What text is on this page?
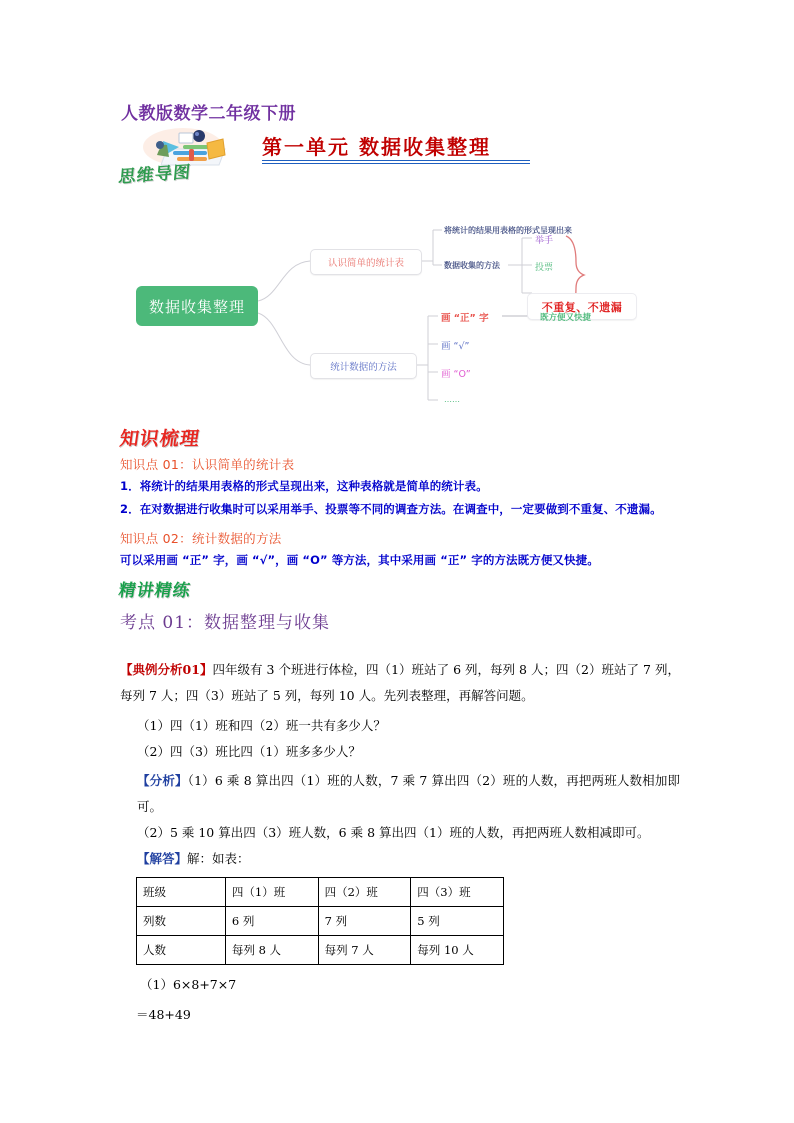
人教版数学二年级下册
思维导图
第一单元 数据收集整理
数据收集整理
认识简单的统计表
统计数据的方法
将统计的结果用表格的形式呈现出来
数据收集的方法
举手
投票
不重复、不遗漏
画 “正” 字	既方便又快捷
画 “√”
画 “O”
……
知识梳理
知识点 01：认识简单的统计表
1．将统计的结果用表格的形式呈现出来，这种表格就是简单的统计表。
2．在对数据进行收集时可以采用举手、投票等不同的调查方法。在调查中，一定要做到不重复、不遗漏。
知识点 02：统计数据的方法
可以采用画 “正” 字，画 “√”，画 “O” 等方法，其中采用画 “正” 字的方法既方便又快捷。
精讲精练
考点 01：数据整理与收集
【典例分析01】四年级有 3 个班进行体检，四（1）班站了 6 列，每列 8 人；四（2）班站了 7 列，每列 7 人；四（3）班站了 5 列，每列 10 人。先列表整理，再解答问题。
（1）四（1）班和四（2）班一共有多少人？
（2）四（3）班比四（1）班多多少人？
【分析】（1）6 乘 8 算出四（1）班的人数，7 乘 7 算出四（2）班的人数，再把两班人数相加即可。
（2）5 乘 10 算出四（3）班人数，6 乘 8 算出四（1）班的人数，再把两班人数相减即可。
【解答】解：如表：
班级	四（1）班	四（2）班	四（3）班
列数	6 列	7 列	5 列
人数	每列 8 人	每列 7 人	每列 10 人
（1）6×8+7×7
＝48+49
